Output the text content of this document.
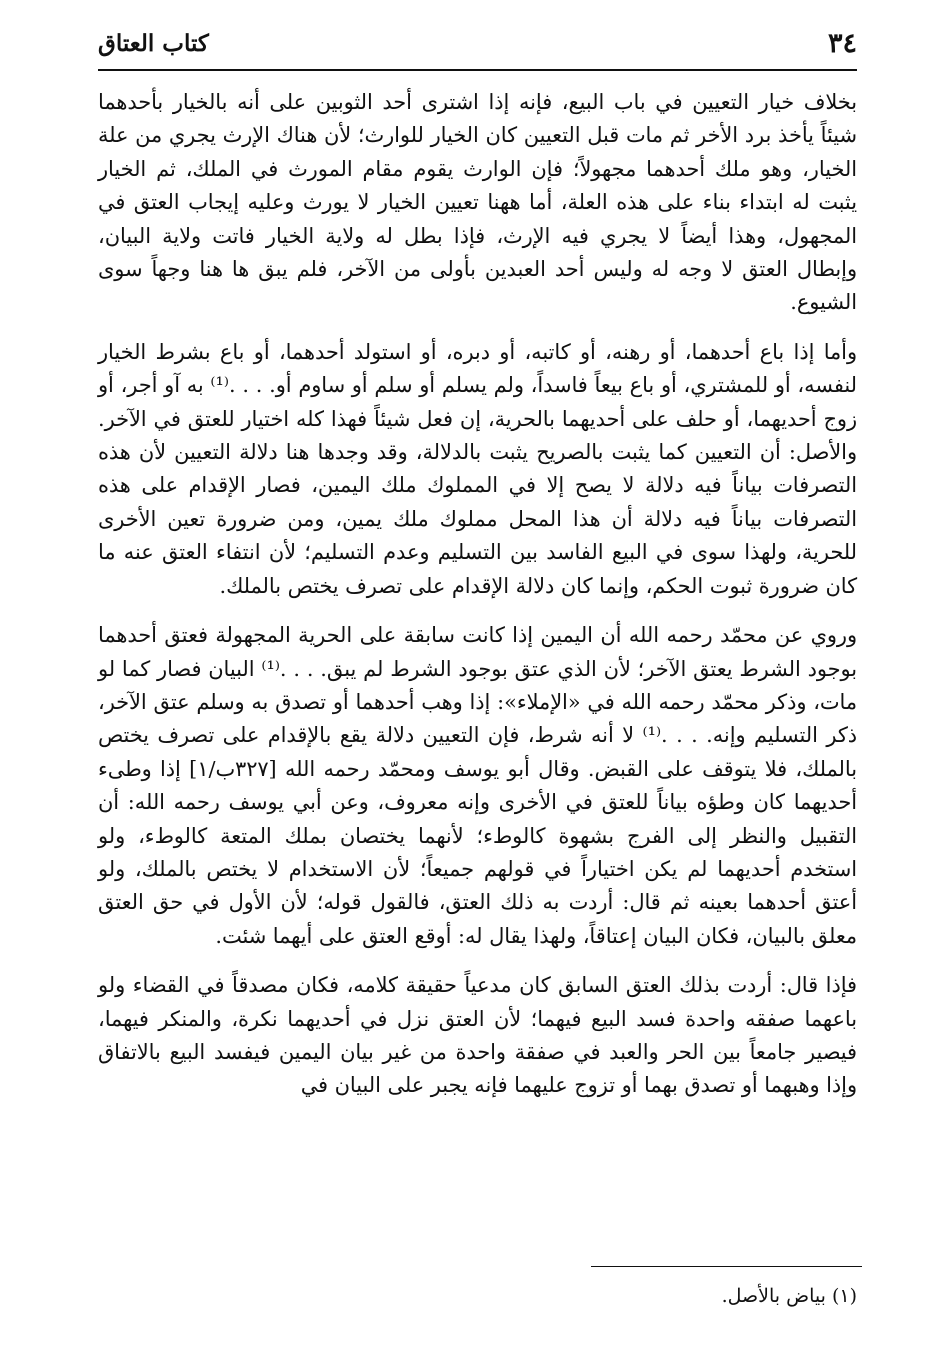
٣٤
كتاب العتاق

بخلاف خيار التعيين في باب البيع، فإنه إذا اشترى أحد الثوبين على أنه بالخيار بأحدهما شيئاً يأخذ برد الأخر ثم مات قبل التعيين كان الخيار للوارث؛ لأن هناك الإرث يجري من علة الخيار، وهو ملك أحدهما مجهولاً؛ فإن الوارث يقوم مقام المورث في الملك، ثم الخيار يثبت له ابتداء بناء على هذه العلة، أما ههنا تعيين الخيار لا يورث وعليه إيجاب العتق في المجهول، وهذا أيضاً لا يجري فيه الإرث، فإذا بطل له ولاية الخيار فاتت ولاية البيان، وإبطال العتق لا وجه له وليس أحد العبدين بأولى من الآخر، فلم يبق ها هنا وجهاً سوى الشيوع.

وأما إذا باع أحدهما، أو رهنه، أو كاتبه، أو دبره، أو استولد أحدهما، أو باع بشرط الخيار لنفسه، أو للمشتري، أو باع بيعاً فاسداً، ولم يسلم أو سلم أو ساوم أو. . . .⁽¹⁾ به آو أجر، أو زوج أحديهما، أو حلف على أحديهما بالحرية، إن فعل شيئاً فهذا كله اختيار للعتق في الآخر. والأصل: أن التعيين كما يثبت بالصريح يثبت بالدلالة، وقد وجدها هنا دلالة التعيين لأن هذه التصرفات بياناً فيه دلالة لا يصح إلا في المملوك ملك اليمين، فصار الإقدام على هذه التصرفات بياناً فيه دلالة أن هذا المحل مملوك ملك يمين، ومن ضرورة تعين الأخرى للحرية، ولهذا سوى في البيع الفاسد بين التسليم وعدم التسليم؛ لأن انتفاء العتق عنه ما كان ضرورة ثبوت الحكم، وإنما كان دلالة الإقدام على تصرف يختص بالملك.

وروي عن محمّد رحمه الله أن اليمين إذا كانت سابقة على الحرية المجهولة فعتق أحدهما بوجود الشرط يعتق الآخر؛ لأن الذي عتق بوجود الشرط لم يبق. . . .⁽¹⁾ البيان فصار كما لو مات، وذكر محمّد رحمه الله في «الإملاء»: إذا وهب أحدهما أو تصدق به وسلم عتق الآخر، ذكر التسليم وإنه. . . .⁽¹⁾ لا أنه شرط، فإن التعيين دلالة يقع بالإقدام على تصرف يختص بالملك، فلا يتوقف على القبض. وقال أبو يوسف ومحمّد رحمه الله [٣٢٧ب/١] إذا وطىء أحديهما كان وطؤه بياناً للعتق في الأخرى وإنه معروف، وعن أبي يوسف رحمه الله: أن التقبيل والنظر إلى الفرج بشهوة كالوطء؛ لأنهما يختصان بملك المتعة كالوطء، ولو استخدم أحديهما لم يكن اختياراً في قولهم جميعاً؛ لأن الاستخدام لا يختص بالملك، ولو أعتق أحدهما بعينه ثم قال: أردت به ذلك العتق، فالقول قوله؛ لأن الأول في حق العتق معلق بالبيان، فكان البيان إعتاقاً، ولهذا يقال له: أوقع العتق على أيهما شئت.

فإذا قال: أردت بذلك العتق السابق كان مدعياً حقيقة كلامه، فكان مصدقاً في القضاء ولو باعهما صفقه واحدة فسد البيع فيهما؛ لأن العتق نزل في أحديهما نكرة، والمنكر فيهما، فيصير جامعاً بين الحر والعبد في صفقة واحدة من غير بيان اليمين فيفسد البيع بالاتفاق وإذا وهبهما أو تصدق بهما أو تزوج عليهما فإنه يجبر على البيان في

(١) بياض بالأصل.
